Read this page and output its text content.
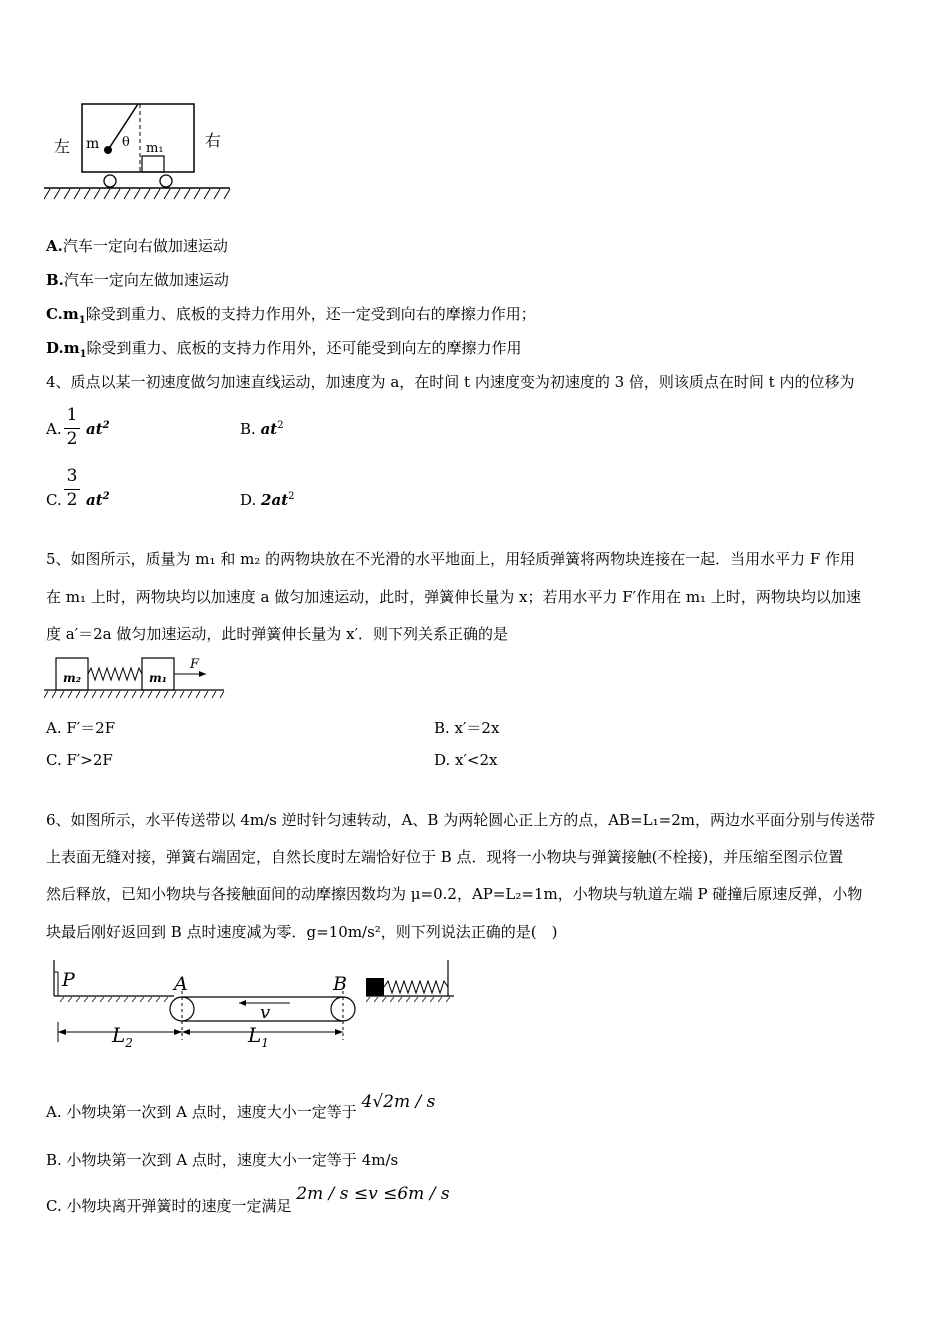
左	右
m θ m₁
A.汽车一定向右做加速运动
B.汽车一定向左做加速运动
$C.m_1$除受到重力、底板的支持力作用外，还一定受到向右的摩擦力作用；
$D.m_1$除受到重力、底板的支持力作用外，还可能受到向左的摩擦力作用
4、质点以某一初速度做匀加速直线运动，加速度为 a，在时间 t 内速度变为初速度的 3 倍，则该质点在时间 t 内的位移为
A.
1
2 $at^2$	B. $at^2$
C.
3
2 $at^2$	D. $2at^2$
5、如图所示，质量为 m₁ 和 m₂ 的两物块放在不光滑的水平地面上，用轻质弹簧将两物块连接在一起．当用水平力 F 作用
在 m₁ 上时，两物块均以加速度 a 做匀加速运动，此时，弹簧伸长量为 x；若用水平力 F′作用在 m₁ 上时，两物块均以加速
度 a′＝2a 做匀加速运动，此时弹簧伸长量为 x′．则下列关系正确的是
m₂	m₁
F
A. F′＝2F	B. x′＝2x
C. F′>2F	D. x′<2x
6、如图所示，水平传送带以 4m/s 逆时针匀速转动，A、B 为两轮圆心正上方的点，AB=L₁=2m，两边水平面分别与传送带
上表面无缝对接，弹簧右端固定，自然长度时左端恰好位于 B 点．现将一小物块与弹簧接触(不栓接)，并压缩至图示位置
然后释放，已知小物块与各接触面间的动摩擦因数均为 μ=0.2，AP=L₂=1m，小物块与轨道左端 P 碰撞后原速反弹，小物
块最后刚好返回到 B 点时速度减为零．g=10m/s²，则下列说法正确的是(　)
P	A	B
v
$L_2$	$L_1$
A. 小物块第一次到 A 点时，速度大小一定等于 4√2m / s
B. 小物块第一次到 A 点时，速度大小一定等于 4m/s
C. 小物块离开弹簧时的速度一定满足 2m / s ≤v ≤6m / s
